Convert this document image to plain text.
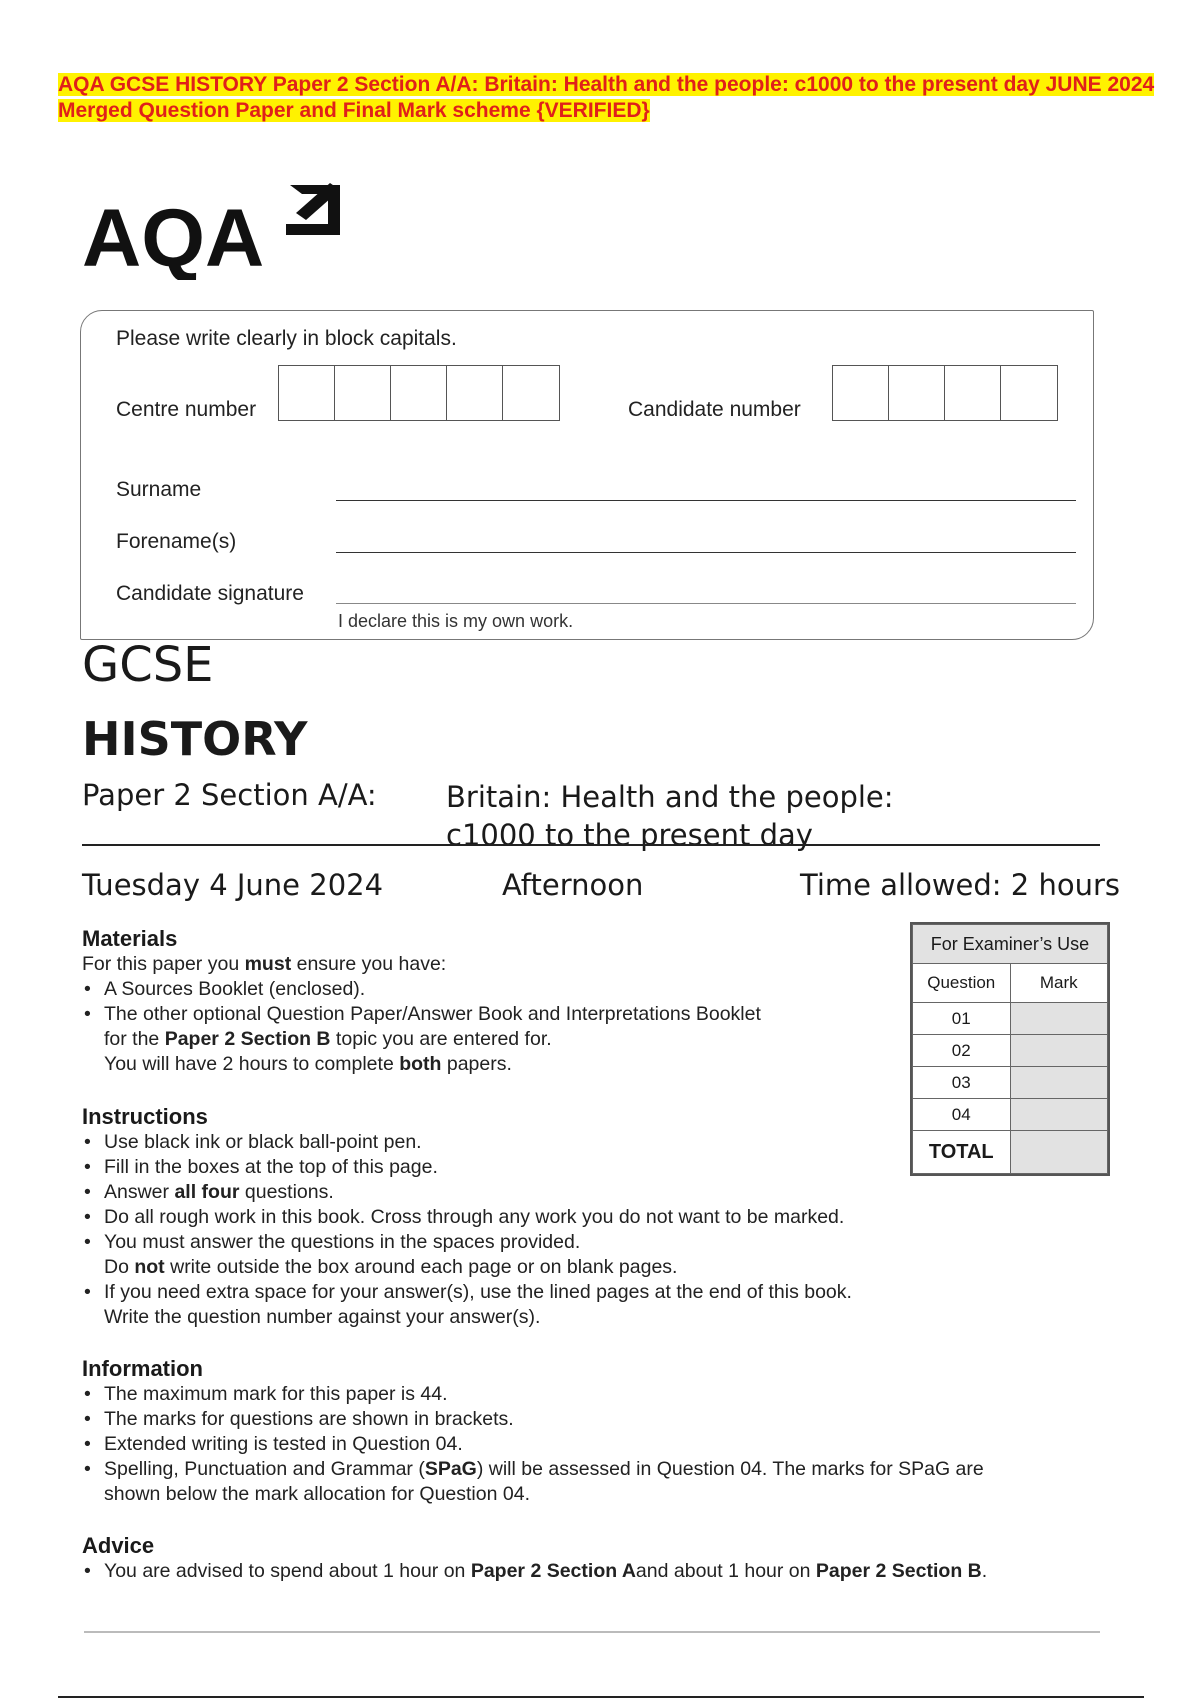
AQA GCSE HISTORY Paper 2 Section A/A: Britain: Health and the people: c1000 to the present day JUNE 2024 Merged Question Paper and Final Mark scheme {VERIFIED}
AQA
Please write clearly in block capitals.
Centre number	Candidate number
Surname
Forename(s)
Candidate signature
I declare this is my own work.
GCSE
HISTORY
Paper 2 Section A/A: Britain: Health and the people:
c1000 to the present day
Tuesday 4 June 2024	Afternoon	Time allowed: 2 hours
Materials
For this paper you must ensure you have:
• A Sources Booklet (enclosed).
• The other optional Question Paper/Answer Book and Interpretations Booklet
for the Paper 2 Section B topic you are entered for.
You will have 2 hours to complete both papers.
Instructions
• Use black ink or black ball-point pen.
• Fill in the boxes at the top of this page.
• Answer all four questions.
• Do all rough work in this book. Cross through any work you do not want to be marked.
• You must answer the questions in the spaces provided.
Do not write outside the box around each page or on blank pages.
• If you need extra space for your answer(s), use the lined pages at the end of this book.
Write the question number against your answer(s).
Information
• The maximum mark for this paper is 44.
• The marks for questions are shown in brackets.
• Extended writing is tested in Question 04.
• Spelling, Punctuation and Grammar (SPaG) will be assessed in Question 04. The marks for SPaG are
shown below the mark allocation for Question 04.
Advice
• You are advised to spend about 1 hour on Paper 2 Section Aand about 1 hour on Paper 2 Section B.
For Examiner’s Use	
Question	Mark
01	
02	
03	
04	
TOTAL	
